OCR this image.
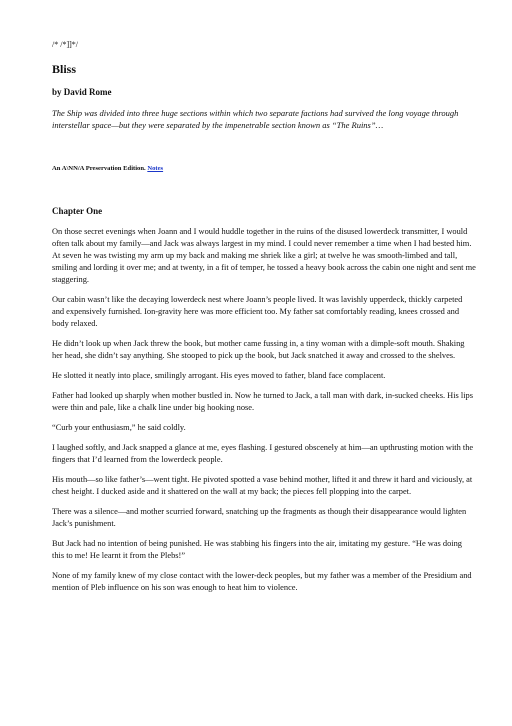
/* /*]]*/
Bliss
by David Rome
The Ship was divided into three huge sections within which two separate factions had survived the long voyage through interstellar space—but they were separated by the impenetrable section known as “The Ruins”…
An A\NN/A Preservation Edition. Notes
Chapter One

On those secret evenings when Joann and I would huddle together in the ruins of the disused lowerdeck transmitter, I would often talk about my family—and Jack was always largest in my mind. I could never remember a time when I had bested him. At seven he was twisting my arm up my back and making me shriek like a girl; at twelve he was smooth-limbed and tall, smiling and lording it over me; and at twenty, in a fit of temper, he tossed a heavy book across the cabin one night and sent me staggering.

Our cabin wasn’t like the decaying lowerdeck nest where Joann’s people lived. It was lavishly upperdeck, thickly carpeted and expensively furnished. Ion-gravity here was more efficient too. My father sat comfortably reading, knees crossed and body relaxed.

He didn’t look up when Jack threw the book, but mother came fussing in, a tiny woman with a dimple-soft mouth. Shaking her head, she didn’t say anything. She stooped to pick up the book, but Jack snatched it away and crossed to the shelves.

He slotted it neatly into place, smilingly arrogant. His eyes moved to father, bland face complacent.

Father had looked up sharply when mother bustled in. Now he turned to Jack, a tall man with dark, in-sucked cheeks. His lips were thin and pale, like a chalk line under big hooking nose.

“Curb your enthusiasm,” he said coldly.

I laughed softly, and Jack snapped a glance at me, eyes flashing. I gestured obscenely at him—an upthrusting motion with the fingers that I’d learned from the lowerdeck people.

His mouth—so like father’s—went tight. He pivoted spotted a vase behind mother, lifted it and threw it hard and viciously, at chest height. I ducked aside and it shattered on the wall at my back; the pieces fell plopping into the carpet.

There was a silence—and mother scurried forward, snatching up the fragments as though their disappearance would lighten Jack’s punishment.

But Jack had no intention of being punished. He was stabbing his fingers into the air, imitating my gesture. “He was doing this to me! He learnt it from the Plebs!”

None of my family knew of my close contact with the lower-deck peoples, but my father was a member of the Presidium and mention of Pleb influence on his son was enough to heat him to violence.
